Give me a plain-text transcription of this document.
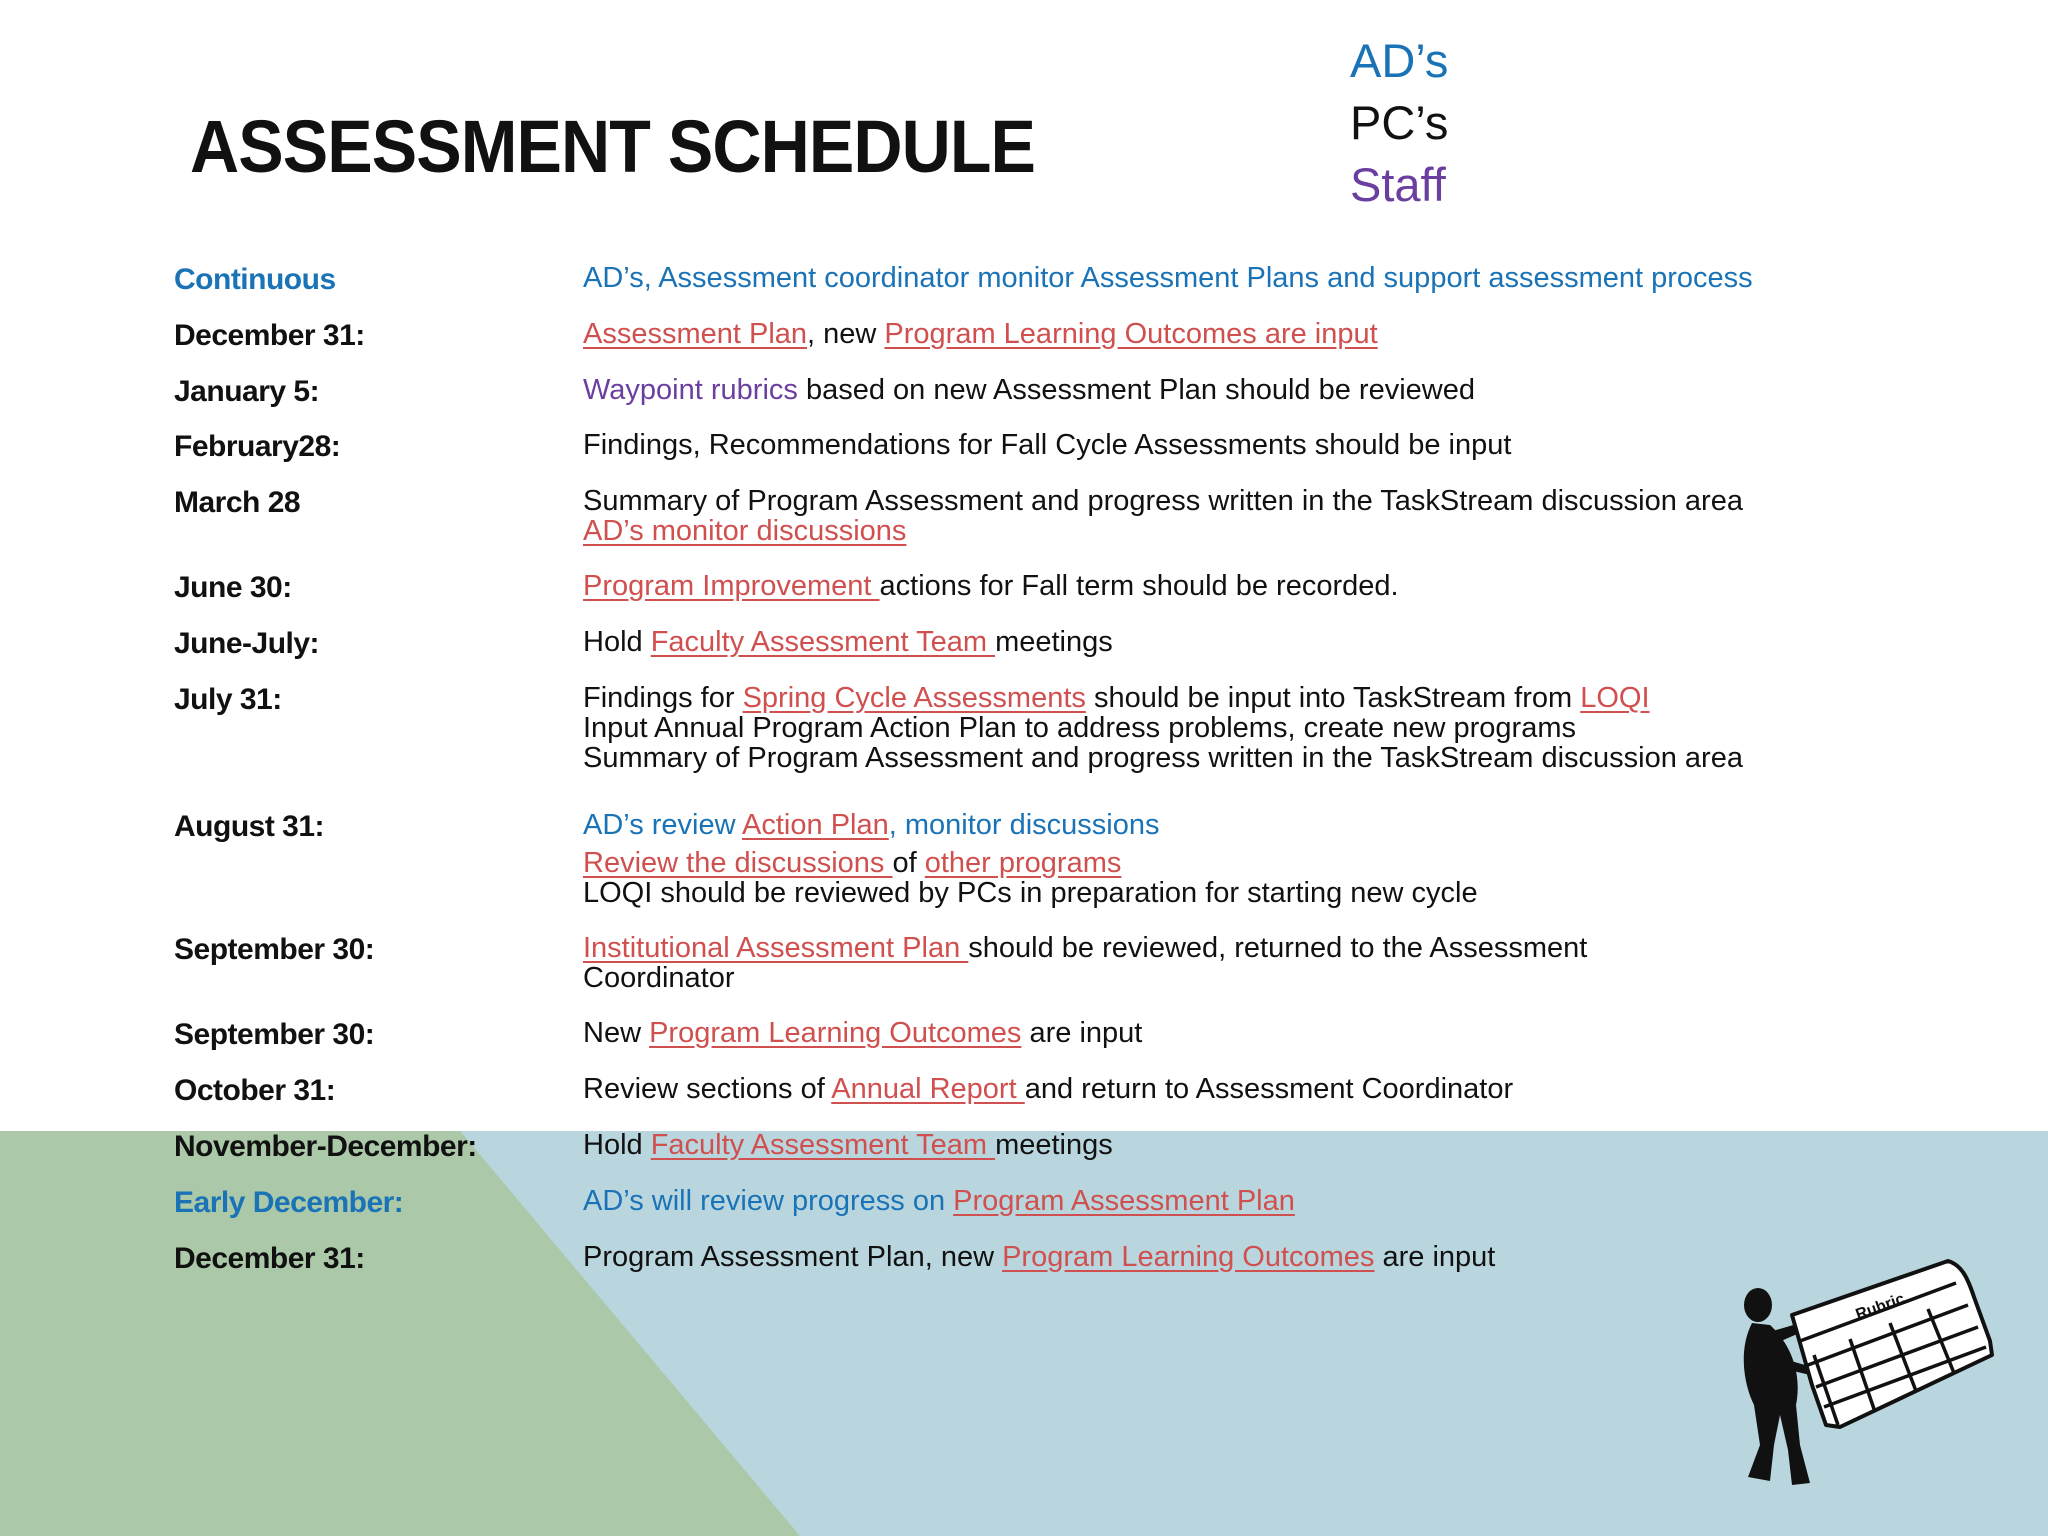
ASSESSMENT SCHEDULE
AD’s
PC’s
Staff
Continuous	AD’s, Assessment coordinator monitor Assessment Plans and support assessment process
December 31:	Assessment Plan, new Program Learning Outcomes are input
January 5:	Waypoint rubrics based on new Assessment Plan should be reviewed
February28:	Findings, Recommendations for Fall Cycle Assessments should be input
March 28	Summary of Program Assessment and progress written in the TaskStream discussion area
AD’s monitor discussions
June 30:	Program Improvement actions for Fall term should be recorded.
June-July:	Hold Faculty Assessment Team meetings
July 31:	Findings for Spring Cycle Assessments should be input into TaskStream from LOQI
Input Annual Program Action Plan to address problems, create new programs
Summary of Program Assessment and progress written in the TaskStream discussion area
August 31:	AD’s review Action Plan, monitor discussions
Review the discussions of other programs
LOQI should be reviewed by PCs in preparation for starting new cycle
September 30:	Institutional Assessment Plan should be reviewed, returned to the Assessment
Coordinator
September 30:	New Program Learning Outcomes are input
October 31:	Review sections of Annual Report and return to Assessment Coordinator
November-December:	Hold Faculty Assessment Team meetings
Early December:	AD’s will review progress on Program Assessment Plan
December 31:	Program Assessment Plan, new Program Learning Outcomes are input
Rubric
